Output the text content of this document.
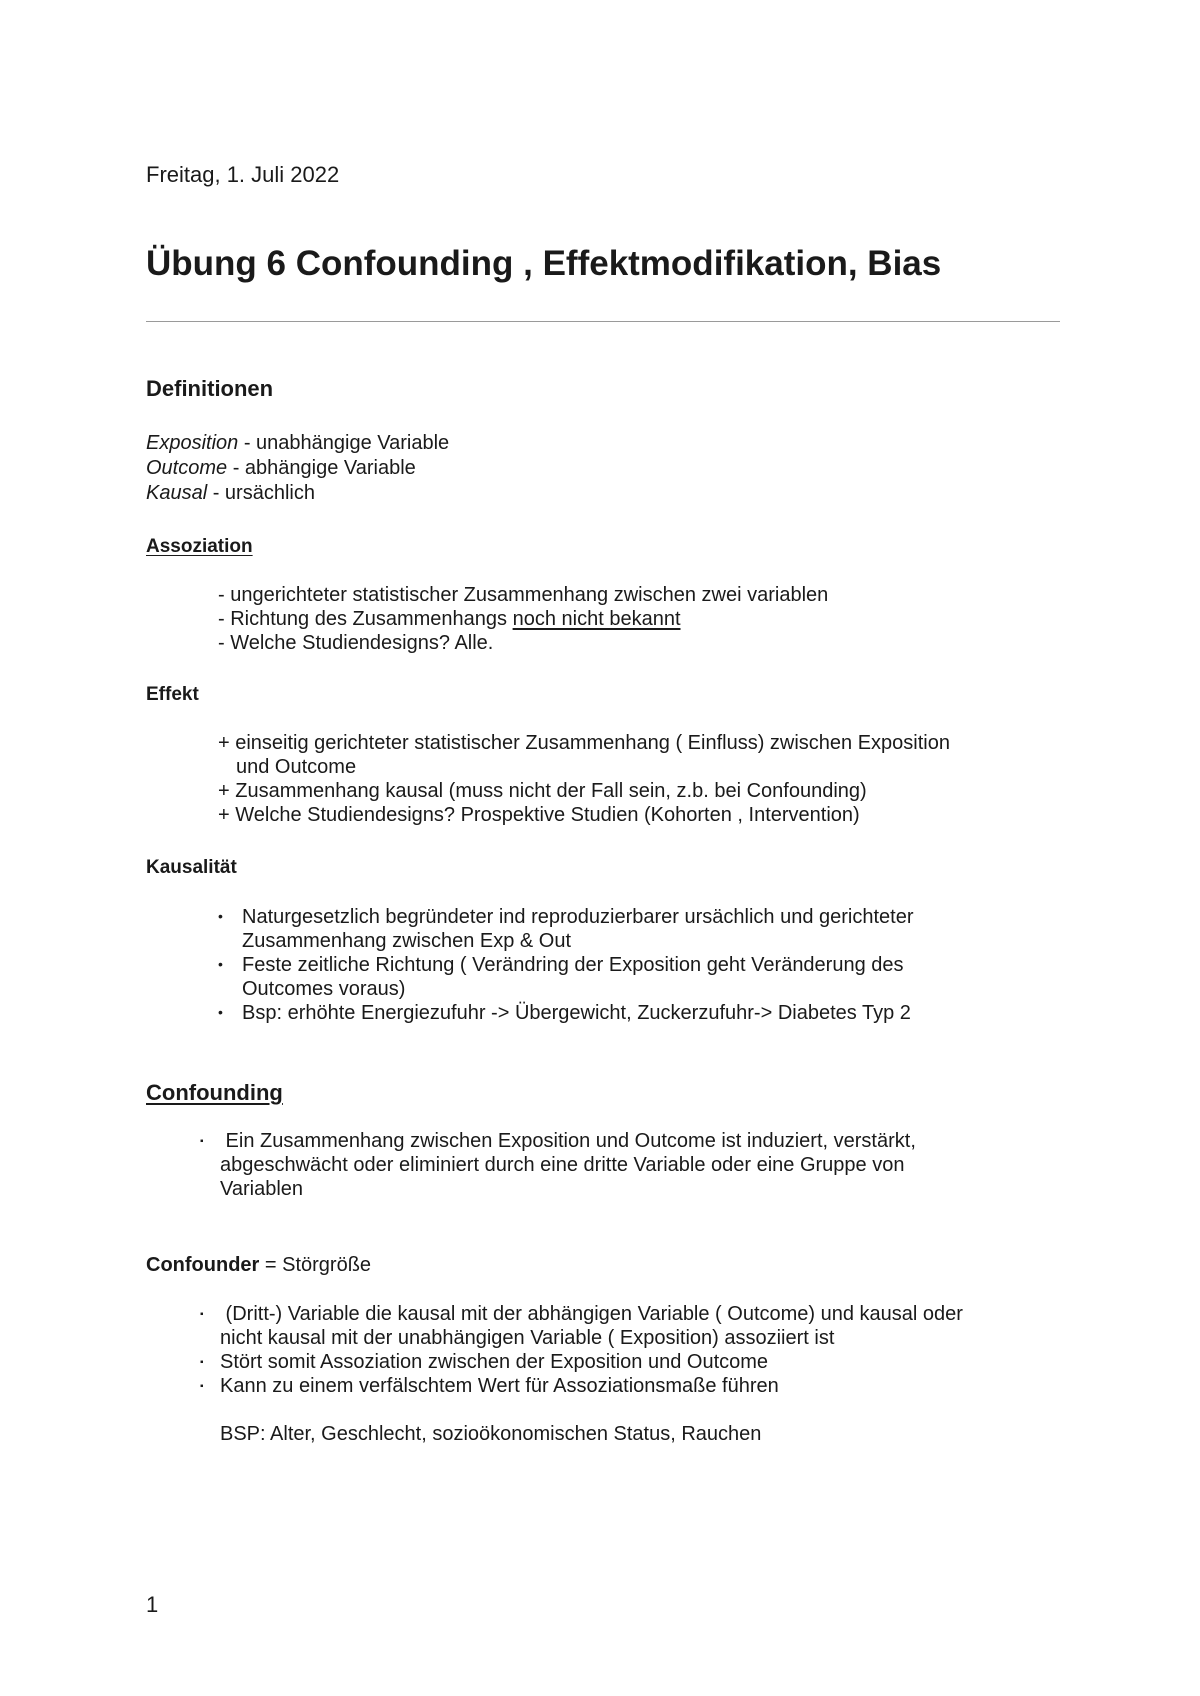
Freitag, 1. Juli 2022
Übung 6 Confounding , Effektmodifikation, Bias
Definitionen
Exposition - unabhängige Variable
Outcome - abhängige Variable
Kausal - ursächlich
Assoziation
- ungerichteter statistischer Zusammenhang zwischen zwei variablen
- Richtung des Zusammenhangs noch nicht bekannt
- Welche Studiendesigns? Alle.
Effekt
+ einseitig gerichteter statistischer Zusammenhang ( Einfluss) zwischen Exposition
und Outcome
+ Zusammenhang kausal (muss nicht der Fall sein, z.b. bei Confounding)
+ Welche Studiendesigns? Prospektive Studien (Kohorten , Intervention)
Kausalität
• Naturgesetzlich begründeter ind reproduzierbarer ursächlich und gerichteter
Zusammenhang zwischen Exp & Out
• Feste zeitliche Richtung ( Verändring der Exposition geht Veränderung des
Outcomes voraus)
• Bsp: erhöhte Energiezufuhr -> Übergewicht, Zuckerzufuhr-> Diabetes Typ 2
Confounding
▪ Ein Zusammenhang zwischen Exposition und Outcome ist induziert, verstärkt,
abgeschwächt oder eliminiert durch eine dritte Variable oder eine Gruppe von
Variablen
Confounder = Störgröße
▪ (Dritt-) Variable die kausal mit der abhängigen Variable ( Outcome) und kausal oder
nicht kausal mit der unabhängigen Variable ( Exposition) assoziiert ist
▪ Stört somit Assoziation zwischen der Exposition und Outcome
▪ Kann zu einem verfälschtem Wert für Assoziationsmaße führen
BSP: Alter, Geschlecht, sozioökonomischen Status, Rauchen
1
